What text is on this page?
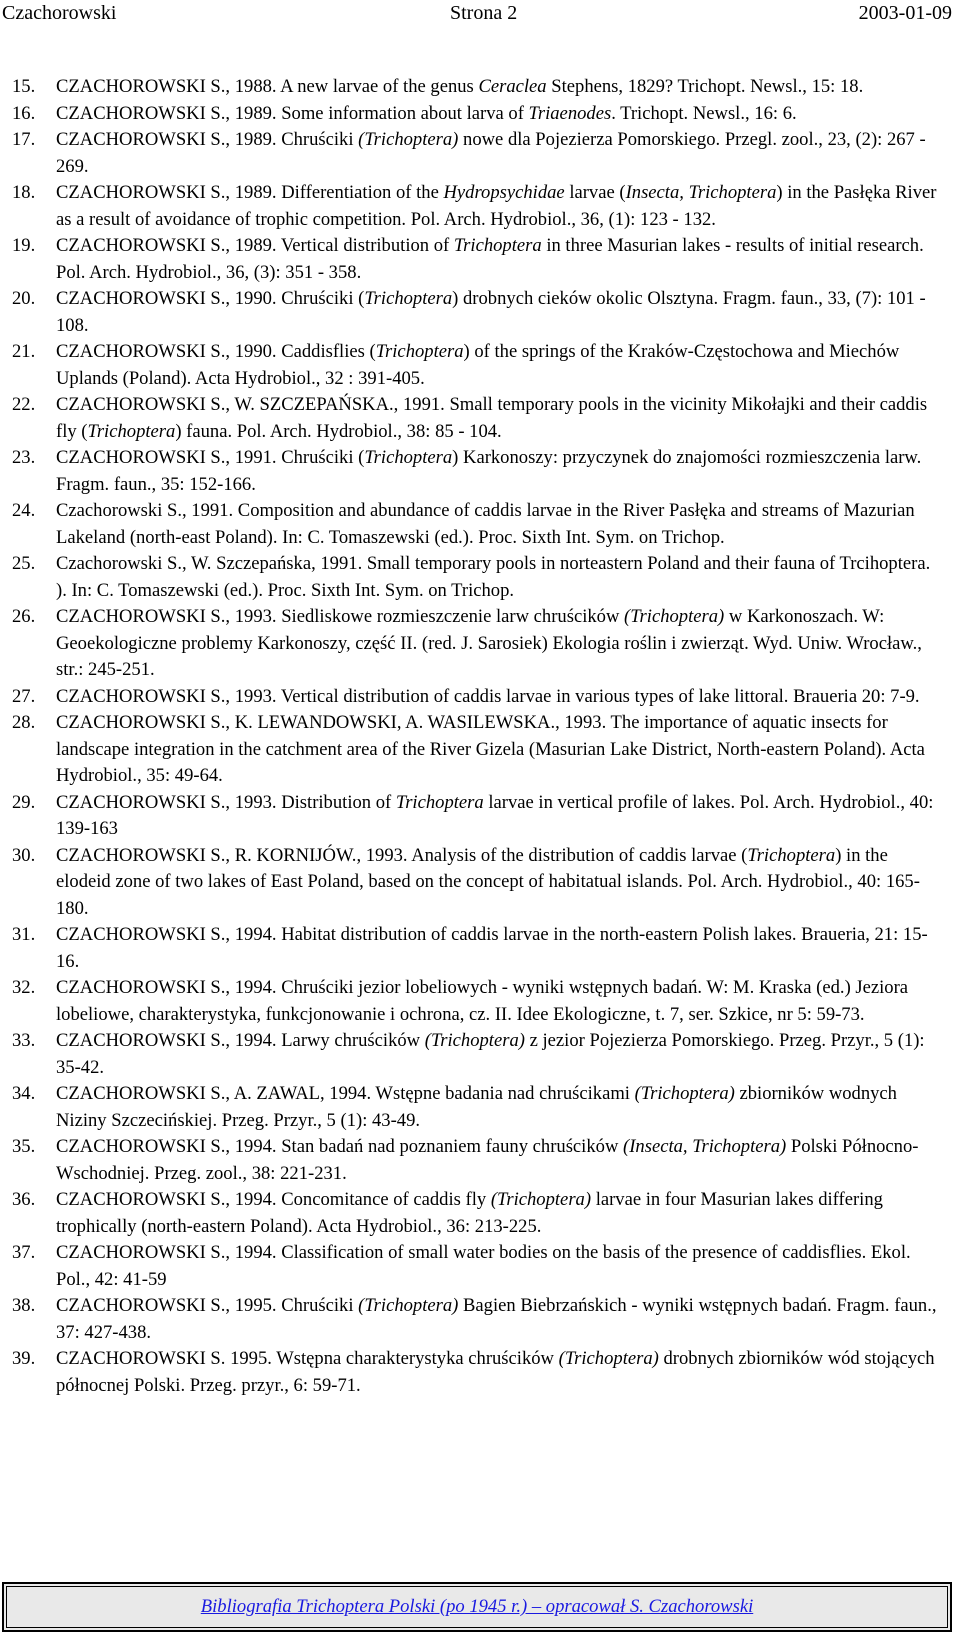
Czachorowski	Strona 2	2003-01-09
15.	CZACHOROWSKI S., 1988. A new larvae of the genus Ceraclea Stephens, 1829? Trichopt. Newsl., 15: 18.
16.	CZACHOROWSKI S., 1989. Some information about larva of Triaenodes. Trichopt. Newsl., 16: 6.
17.	CZACHOROWSKI S., 1989. Chruściki (Trichoptera) nowe dla Pojezierza Pomorskiego. Przegl. zool., 23, (2): 267 - 269.
18.	CZACHOROWSKI S., 1989. Differentiation of the Hydropsychidae larvae (Insecta, Trichoptera) in the Pasłęka River as a result of avoidance of trophic competition. Pol. Arch. Hydrobiol., 36, (1): 123 - 132.
19.	CZACHOROWSKI S., 1989. Vertical distribution of Trichoptera in three Masurian lakes - results of initial research. Pol. Arch. Hydrobiol., 36, (3): 351 - 358.
20.	CZACHOROWSKI S., 1990. Chruściki (Trichoptera) drobnych cieków okolic Olsztyna. Fragm. faun., 33, (7): 101 - 108.
21.	CZACHOROWSKI S., 1990. Caddisflies (Trichoptera) of the springs of the Kraków-Częstochowa and Miechów Uplands (Poland). Acta Hydrobiol., 32 : 391-405.
22.	CZACHOROWSKI S., W. SZCZEPAŃSKA., 1991. Small temporary pools in the vicinity Mikołajki and their caddis fly (Trichoptera) fauna. Pol. Arch. Hydrobiol., 38: 85 - 104.
23.	CZACHOROWSKI S., 1991. Chruściki (Trichoptera) Karkonoszy: przyczynek do znajomości rozmieszczenia larw. Fragm. faun., 35: 152-166.
24.	Czachorowski S., 1991. Composition and abundance of caddis larvae in the River Pasłęka and streams of Mazurian Lakeland (north-east Poland). In: C. Tomaszewski (ed.). Proc. Sixth Int. Sym. on Trichop.
25.	Czachorowski S., W. Szczepańska, 1991. Small temporary pools in norteastern Poland and their fauna of Trcihoptera. ). In: C. Tomaszewski (ed.). Proc. Sixth Int. Sym. on Trichop.
26.	CZACHOROWSKI S., 1993. Siedliskowe rozmieszczenie larw chruścików (Trichoptera) w Karkonoszach. W: Geoekologiczne problemy Karkonoszy, część II. (red. J. Sarosiek) Ekologia roślin i zwierząt. Wyd. Uniw. Wrocław., str.: 245-251.
27.	CZACHOROWSKI S., 1993. Vertical distribution of caddis larvae in various types of lake littoral. Braueria 20: 7-9.
28.	CZACHOROWSKI S., K. LEWANDOWSKI, A. WASILEWSKA., 1993. The importance of aquatic insects for landscape integration in the catchment area of the River Gizela (Masurian Lake District, North-eastern Poland). Acta Hydrobiol., 35: 49-64.
29.	CZACHOROWSKI S., 1993. Distribution of Trichoptera larvae in vertical profile of lakes. Pol. Arch. Hydrobiol., 40: 139-163
30.	CZACHOROWSKI S., R. KORNIJÓW., 1993. Analysis of the distribution of caddis larvae (Trichoptera) in the elodeid zone of two lakes of East Poland, based on the concept of habitatual islands. Pol. Arch. Hydrobiol., 40: 165-180.
31.	CZACHOROWSKI S., 1994. Habitat distribution of caddis larvae in the north-eastern Polish lakes. Braueria, 21: 15-16.
32.	CZACHOROWSKI S., 1994. Chruściki jezior lobeliowych - wyniki wstępnych badań. W: M. Kraska (ed.) Jeziora lobeliowe, charakterystyka, funkcjonowanie i ochrona, cz. II. Idee Ekologiczne, t. 7, ser. Szkice, nr 5: 59-73.
33.	CZACHOROWSKI S., 1994. Larwy chruścików (Trichoptera) z jezior Pojezierza Pomorskiego. Przeg. Przyr., 5 (1): 35-42.
34.	CZACHOROWSKI S., A. ZAWAL, 1994. Wstępne badania nad chruścikami (Trichoptera) zbiorników wodnych Niziny Szczecińskiej. Przeg. Przyr., 5 (1): 43-49.
35.	CZACHOROWSKI S., 1994. Stan badań nad poznaniem fauny chruścików (Insecta, Trichoptera) Polski Północno-Wschodniej. Przeg. zool., 38: 221-231.
36.	CZACHOROWSKI S., 1994. Concomitance of caddis fly (Trichoptera) larvae in four Masurian lakes differing trophically (north-eastern Poland). Acta Hydrobiol., 36: 213-225.
37.	CZACHOROWSKI S., 1994. Classification of small water bodies on the basis of the presence of caddisflies. Ekol. Pol., 42: 41-59
38.	CZACHOROWSKI S., 1995. Chruściki (Trichoptera) Bagien Biebrzańskich - wyniki wstępnych badań. Fragm. faun., 37: 427-438.
39.	CZACHOROWSKI S. 1995. Wstępna charakterystyka chruścików (Trichoptera) drobnych zbiorników wód stojących północnej Polski. Przeg. przyr., 6: 59-71.
Bibliografia Trichoptera Polski (po 1945 r.) – opracował S. Czachorowski
